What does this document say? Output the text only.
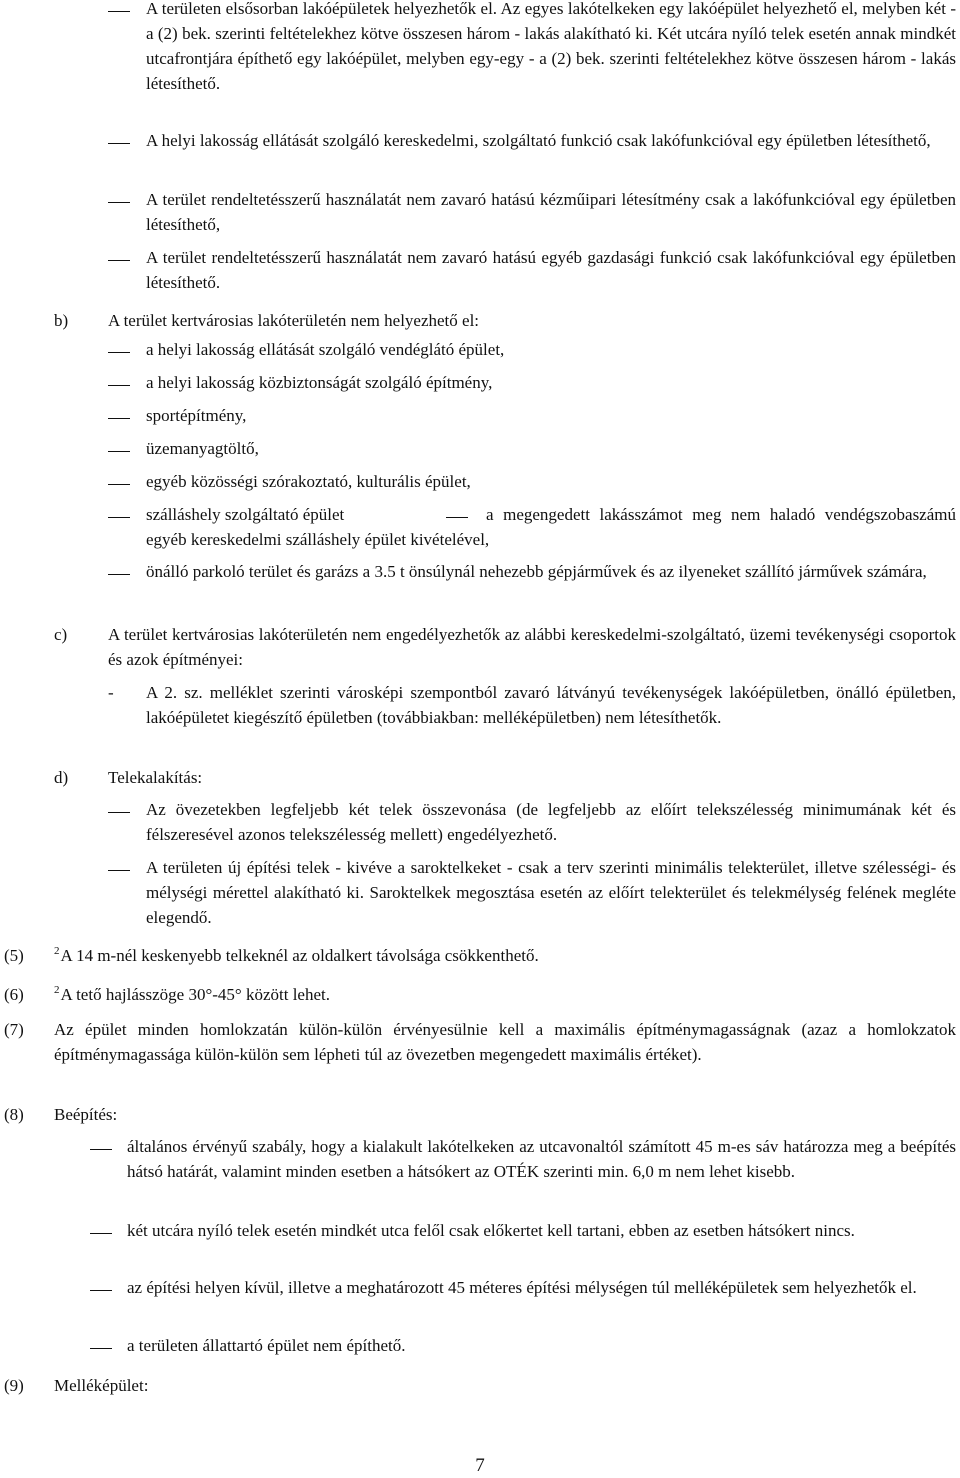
A területen elsősorban lakóépületek helyezhetők el. Az egyes lakótelkeken egy lakóépület helyezhető el, melyben két - a (2) bek. szerinti feltételekhez kötve összesen három - lakás alakítható ki. Két utcára nyíló telek esetén annak mindkét utcafrontjára építhető egy lakóépület, melyben egy-egy - a (2) bek. szerinti feltételekhez kötve összesen három - lakás létesíthető.
A helyi lakosság ellátását szolgáló kereskedelmi, szolgáltató funkció csak lakófunkcióval egy épületben létesíthető,
A terület rendeltetésszerű használatát nem zavaró hatású kézműipari létesítmény csak a lakófunkcióval egy épületben létesíthető,
A terület rendeltetésszerű használatát nem zavaró hatású egyéb gazdasági funkció csak lakófunkcióval egy épületben létesíthető.
b) A terület kertvárosias lakóterületén nem helyezhető el:
a helyi lakosság ellátását szolgáló vendéglátó épület,
a helyi lakosság közbiztonságát szolgáló építmény,
sportépítmény,
üzemanyagtöltő,
egyéb közösségi szórakoztató, kulturális épület,
szálláshely szolgáltató épület	a megengedett lakásszámot meg nem haladó vendégszobaszámú egyéb kereskedelmi szálláshely épület kivételével,
önálló parkoló terület és garázs a 3.5 t önsúlynál nehezebb gépjárművek és az ilyeneket szállító járművek számára,
c) A terület kertvárosias lakóterületén nem engedélyezhetők az alábbi kereskedelmi-szolgáltató, üzemi tevékenységi csoportok és azok építményei:
- A 2. sz. melléklet szerinti városképi szempontból zavaró látványú tevékenységek lakóépületben, önálló épületben, lakóépületet kiegészítő épületben (továbbiakban: melléképületben) nem létesíthetők.
d) Telekalakítás:
Az övezetekben legfeljebb két telek összevonása (de legfeljebb az előírt telekszélesség minimumának két és félszeresével azonos telekszélesség mellett) engedélyezhető.
A területen új építési telek - kivéve a saroktelkeket - csak a terv szerinti minimális telekterület, illetve szélességi- és mélységi mérettel alakítható ki. Saroktelkek megosztása esetén az előírt telekterület és telekmélység felének megléte elegendő.
(5)	$^2$A 14 m-nél keskenyebb telkeknél az oldalkert távolsága csökkenthető.
(6)	$^2$A tető hajlásszöge 30°-45° között lehet.
(7) Az épület minden homlokzatán külön-külön érvényesülnie kell a maximális építménymagasságnak (azaz a homlokzatok építménymagassága külön-külön sem lépheti túl az övezetben megengedett maximális értéket).
(8) Beépítés:
általános érvényű szabály, hogy a kialakult lakótelkeken az utcavonaltól számított 45 m-es sáv határozza meg a beépítés hátsó határát, valamint minden esetben a hátsókert az OTÉK szerinti min. 6,0 m nem lehet kisebb.
két utcára nyíló telek esetén mindkét utca felől csak előkertet kell tartani, ebben az esetben hátsókert nincs.
az építési helyen kívül, illetve a meghatározott 45 méteres építési mélységen túl melléképületek sem helyezhetők el.
a területen állattartó épület nem építhető.
(9) Melléképület:
7
